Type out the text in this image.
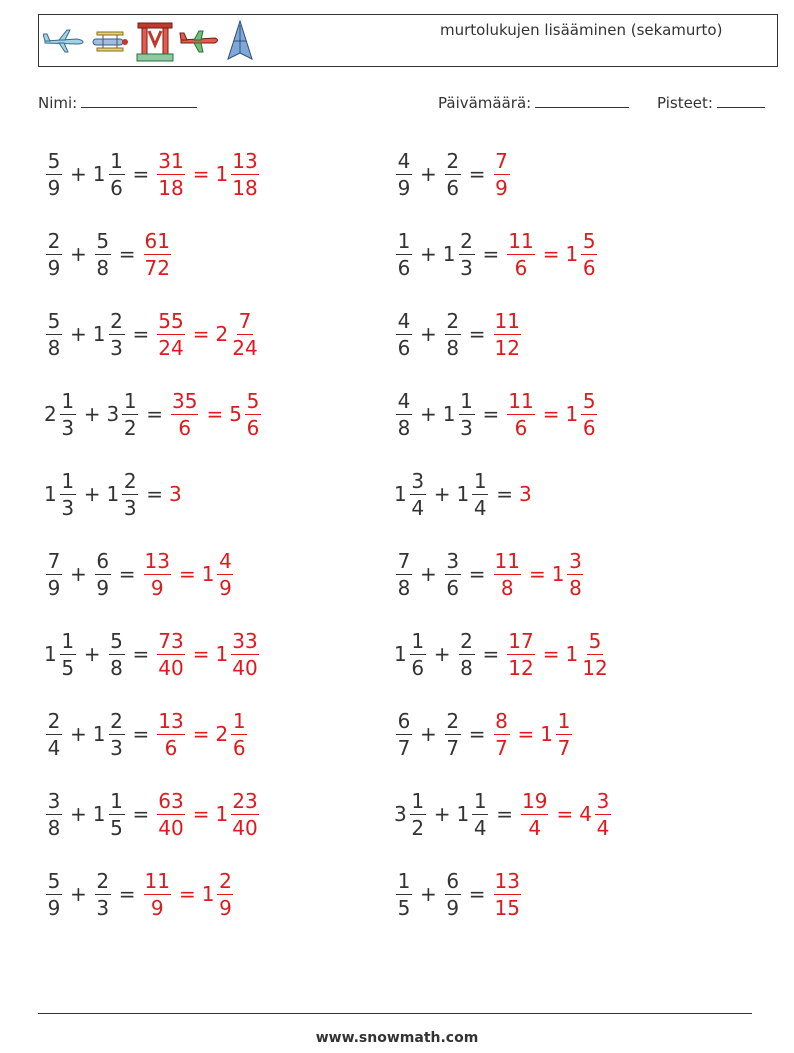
murtolukujen lisääminen (sekamurto)
Nimi:	Päivämäärä:	Pisteet:
$\frac{5}{9} + 1 \frac{1}{6} = \frac{31}{18} = 1 \frac{13}{18}$	$\frac{4}{9} + \frac{2}{6} = \frac{7}{9}$
$\frac{2}{9} + \frac{5}{8} = \frac{61}{72}$	$\frac{1}{6} + 1 \frac{2}{3} = \frac{11}{6} = 1 \frac{5}{6}$
$\frac{5}{8} + 1 \frac{2}{3} = \frac{55}{24} = 2 \frac{7}{24}$	$\frac{4}{6} + \frac{2}{8} = \frac{11}{12}$
$2 \frac{1}{3} + 3 \frac{1}{2} = \frac{35}{6} = 5 \frac{5}{6}$	$\frac{4}{8} + 1 \frac{1}{3} = \frac{11}{6} = 1 \frac{5}{6}$
$1 \frac{1}{3} + 1 \frac{2}{3} = 3$	$1 \frac{3}{4} + 1 \frac{1}{4} = 3$
$\frac{7}{9} + \frac{6}{9} = \frac{13}{9} = 1 \frac{4}{9}$	$\frac{7}{8} + \frac{3}{6} = \frac{11}{8} = 1 \frac{3}{8}$
$1 \frac{1}{5} + \frac{5}{8} = \frac{73}{40} = 1 \frac{33}{40}$	$1 \frac{1}{6} + \frac{2}{8} = \frac{17}{12} = 1 \frac{5}{12}$
$\frac{2}{4} + 1 \frac{2}{3} = \frac{13}{6} = 2 \frac{1}{6}$	$\frac{6}{7} + \frac{2}{7} = \frac{8}{7} = 1 \frac{1}{7}$
$\frac{3}{8} + 1 \frac{1}{5} = \frac{63}{40} = 1 \frac{23}{40}$	$3 \frac{1}{2} + 1 \frac{1}{4} = \frac{19}{4} = 4 \frac{3}{4}$
$\frac{5}{9} + \frac{2}{3} = \frac{11}{9} = 1 \frac{2}{9}$	$\frac{1}{5} + \frac{6}{9} = \frac{13}{15}$
www.snowmath.com
